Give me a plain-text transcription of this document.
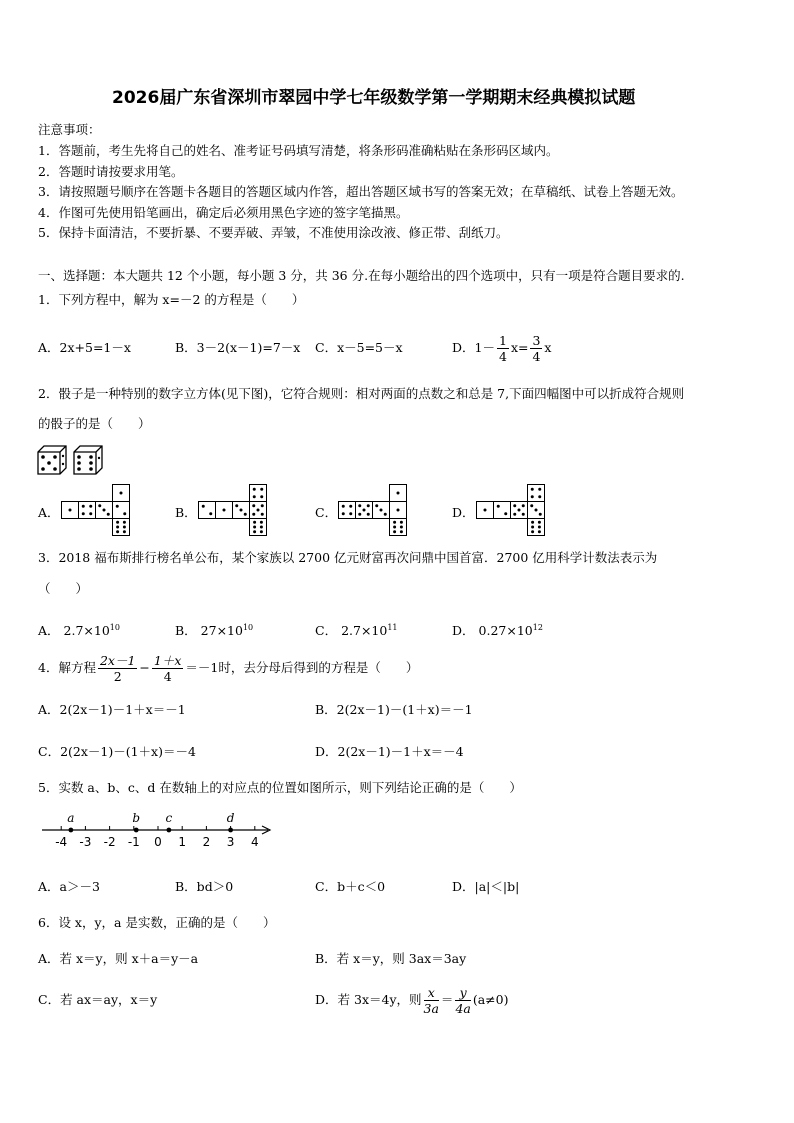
2026届广东省深圳市翠园中学七年级数学第一学期期末经典模拟试题
注意事项：
1．答题前，考生先将自己的姓名、准考证号码填写清楚，将条形码准确粘贴在条形码区域内。
2．答题时请按要求用笔。
3．请按照题号顺序在答题卡各题目的答题区域内作答，超出答题区域书写的答案无效；在草稿纸、试卷上答题无效。
4．作图可先使用铅笔画出，确定后必须用黑色字迹的签字笔描黑。
5．保持卡面清洁，不要折暴、不要弄破、弄皱，不准使用涂改液、修正带、刮纸刀。
一、选择题：本大题共 12 个小题，每小题 3 分，共 36 分.在每小题给出的四个选项中，只有一项是符合题目要求的.
1．下列方程中，解为 x=－2 的方程是（　　）
A．2x+5=1－x	B．3－2(x－1)=7－x C．x－5=5－x	D．$1- \frac{1}{4} x= \frac{3}{4}$ x
2．骰子是一种特别的数字立方体(见下图)，它符合规则：相对两面的点数之和总是 7,下面四幅图中可以折成符合规则
的骰子的是（　　）
A．	B．	C．	D．
3．2018 福布斯排行榜名单公布，某个家族以 2700 亿元财富再次问鼎中国首富．2700 亿用科学计数法表示为
（　　）
A． $2.7\times 10^{10}$	B． $27\times 10^{10}$	C． $2.7\times 10^{11}$	D． $0.27\times 10^{12}$
4．解方程 $\frac{2x-1}{2} - \frac{1+x}{4} =-1$时，去分母后得到的方程是（　　）
A．2(2x－1)－1＋x＝－1	B．2(2x－1)－(1＋x)＝－1
C．2(2x－1)－(1＋x)＝－4	D．2(2x－1)－1＋x＝－4
5．实数 a、b、c、d 在数轴上的对应点的位置如图所示，则下列结论正确的是（　　）
-4 -3 -2 -1 0 1 2 3 4
a	b c	d
A．a＞－3	B．bd＞0	C．b＋c＜0	D．|a|＜|b|
6．设 x，y，a 是实数，正确的是（　　）
A．若 x＝y，则 x＋a＝y－a	B．若 x＝y，则 3ax＝3ay
C．若 ax＝ay，x＝y	D．若 3x＝4y，则 $\frac{x}{3a} = \frac{y}{4a} (a\ne 0)$
